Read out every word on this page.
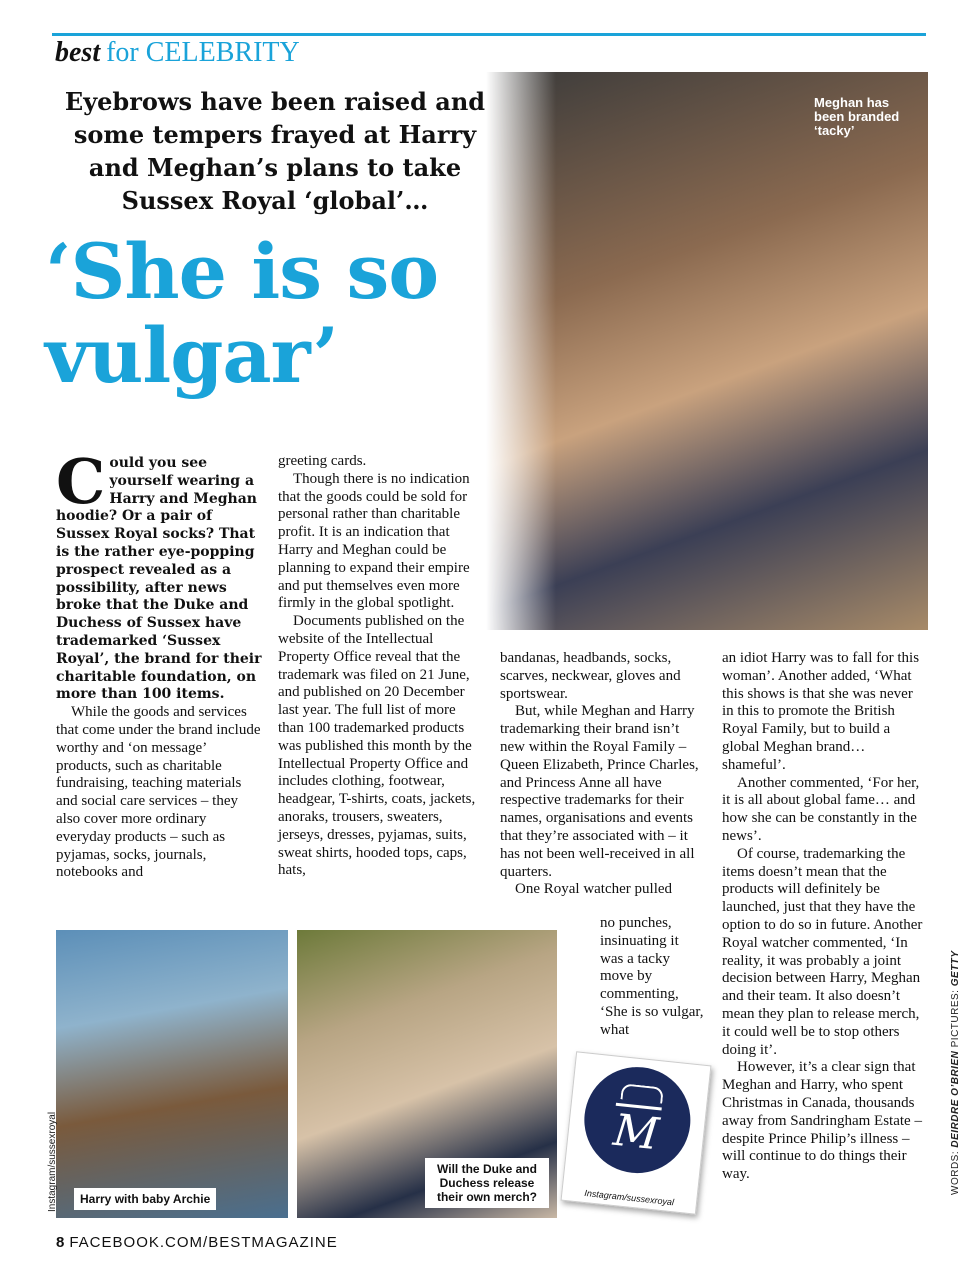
best for CELEBRITY
Meghan has been branded ‘tacky’
Eyebrows have been raised and some tempers frayed at Harry and Meghan’s plans to take Sussex Royal ‘global’…
‘She is so vulgar’

Could you see yourself wearing a Harry and Meghan hoodie? Or a pair of Sussex Royal socks? That is the rather eye-popping prospect revealed as a possibility, after news broke that the Duke and Duchess of Sussex have trademarked ‘Sussex Royal’, the brand for their charitable foundation, on more than 100 items.

While the goods and services that come under the brand include worthy and ‘on message’ products, such as charitable fundraising, teaching materials and social care services – they also cover more ordinary everyday products – such as pyjamas, socks, journals, notebooks and

greeting cards.

Though there is no indication that the goods could be sold for personal rather than charitable profit. It is an indication that Harry and Meghan could be planning to expand their empire and put themselves even more firmly in the global spotlight.

Documents published on the website of the Intellectual Property Office reveal that the trademark was filed on 21 June, and published on 20 December last year. The full list of more than 100 trademarked products was published this month by the Intellectual Property Office and includes clothing, footwear, headgear, T-shirts, coats, jackets, anoraks, trousers, sweaters, jerseys, dresses, pyjamas, suits, sweat shirts, hooded tops, caps, hats,

bandanas, headbands, socks, scarves, neckwear, gloves and sportswear.

But, while Meghan and Harry trademarking their brand isn’t new within the Royal Family – Queen Elizabeth, Prince Charles, and Princess Anne all have respective trademarks for their names, organisations and events that they’re associated with – it has not been well-received in all quarters.

One Royal watcher pulled

no punches, insinuating it was a tacky move by commenting, ‘She is so vulgar, what

an idiot Harry was to fall for this woman’. Another added, ‘What this shows is that she was never in this to promote the British Royal Family, but to build a global Meghan brand… shameful’.

Another commented, ‘For her, it is all about global fame… and how she can be constantly in the news’.

Of course, trademarking the items doesn’t mean that the products will definitely be launched, just that they have the option to do so in future. Another Royal watcher commented, ‘In reality, it was probably a joint decision between Harry, Meghan and their team. It also doesn’t mean they plan to release merch, it could well be to stop others doing it’.

However, it’s a clear sign that Meghan and Harry, who spent Christmas in Canada, thousands away from Sandringham Estate – despite Prince Philip’s illness – will continue to do things their way.

Instagram/sussexroyal	Harry with baby Archie
Will the Duke and Duchess release their own merch?
M
Instagram/sussexroyal
WORDS: DEIRDRE O’BRIEN PICTURES: GETTY
8 FACEBOOK.COM/BESTMAGAZINE
